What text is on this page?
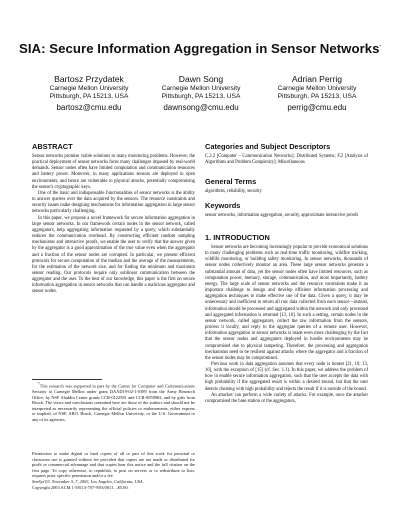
SIA: Secure Information Aggregation in Sensor Networks*
Bartosz Przydatek
Carnegie Mellon University
Pittsburgh, PA 15213, USA
bartosz@cmu.edu
Dawn Song
Carnegie Mellon University
Pittsburgh, PA 15213, USA
dawnsong@cmu.edu
Adrian Perrig
Carnegie Mellon University
Pittsburgh, PA 15213, USA
perrig@cmu.edu
ABSTRACT

Sensor networks promise viable solutions to many monitoring problems. However, the practical deployment of sensor networks faces many challenges imposed by real-world demands. Sensor nodes often have limited computation and communication resources and battery power. Moreover, in many applications sensors are deployed in open environments, and hence are vulnerable to physical attacks, potentially compromising the sensor's cryptographic keys.

One of the basic and indispensable functionalities of sensor networks is the ability to answer queries over the data acquired by the sensors. The resource constraints and security issues make designing mechanisms for information aggregation in large sensor networks particularly challenging.

In this paper, we propose a novel framework for secure information aggregation in large sensor networks. In our framework certain nodes in the sensor network, called aggregators, help aggregating information requested by a query, which substantially reduces the communication overhead. By constructing efficient random sampling mechanisms and interactive proofs, we enable the user to verify that the answer given by the aggregator is a good approximation of the true value even when the aggregator and a fraction of the sensor nodes are corrupted. In particular, we present efficient protocols for secure computation of the median and the average of the measurements, for the estimation of the network size, and for finding the minimum and maximum sensor reading. Our protocols require only sublinear communication between the aggregator and the user. To the best of our knowledge, this paper is the first on secure information aggregation in sensor networks that can handle a malicious aggregator and sensor nodes.

*This research was supported in part by the Center for Computer and Communications Security at Carnegie Mellon under grant DAAD19-02-1-0389 from the Army Research Office, by NSF Aladdin Center grants CCR-0122581 and CCR-0058982, and by gifts from Bosch. The views and conclusions contained here are those of the authors and should not be interpreted as necessarily representing the official policies or endorsements, either express or implied, of NSF, ARO, Bosch, Carnegie Mellon University, or the U.S. Government or any of its agencies.

Permission to make digital or hard copies of all or part of this work for personal or classroom use is granted without fee provided that copies are not made or distributed for profit or commercial advantage and that copies bear this notice and the full citation on the first page. To copy otherwise, to republish, to post on servers or to redistribute to lists, requires prior specific permission and/or a fee.

SenSys'03, November 5–7, 2003, Los Angeles, California, USA.

Copyright 2003 ACM 1-58113-707-9/03/0011 ...$5.00.

Categories and Subject Descriptors

C.2.2 [Computer – Communication Networks]: Distributed Systems; F.2 [Analysis of Algorithms and Problem Complexity]: Miscellaneous

General Terms

algorithms, reliability, security

Keywords

sensor networks, information aggregation, security, approximate interactive proofs

1. INTRODUCTION

Sensor networks are becoming increasingly popular to provide economical solutions to many challenging problems such as real-time traffic monitoring, wildfire tracking, wildlife monitoring, or building safety monitoring. In sensor networks, thousands of sensor nodes collectively monitor an area. These large sensor networks generate a substantial amount of data, yet the sensor nodes often have limited resources, such as computation power, memory, storage, communication, and most importantly, battery energy. The large scale of sensor networks and the resource constraints make it an important challenge to design and develop efficient information processing and aggregation techniques to make effective use of the data. Given a query, it may be unnecessary and inefficient to return all raw data collected from each sensor—instead, information should be processed and aggregated within the network and only processed and aggregated information is returned [13, 16]. In such a setting, certain nodes in the sensor network, called aggregators, collect the raw information from the sensors, process it locally, and reply to the aggregate queries of a remote user. However, information aggregation in sensor networks is made even more challenging by the fact that the sensor nodes and aggregators deployed in hostile environments may be compromised due to physical tampering. Therefore, the processing and aggregation mechanisms need to be resilient against attacks where the aggregator and a fraction of the sensor nodes may be compromised.

Previous work in data aggregation assumes that every node is honest [21, 10, 13, 16], with the exception of [15] (cf. Sec. 1.1). In this paper, we address the problem of how to enable secure information aggregation, such that the user accepts the data with high probability if the aggregated result is within a desired bound, but that the user detects cheating with high probability and rejects the result if it is outside of the bound.

An attacker can perform a wide variety of attacks. For example, once the attacker compromised the base station or the aggregators,
